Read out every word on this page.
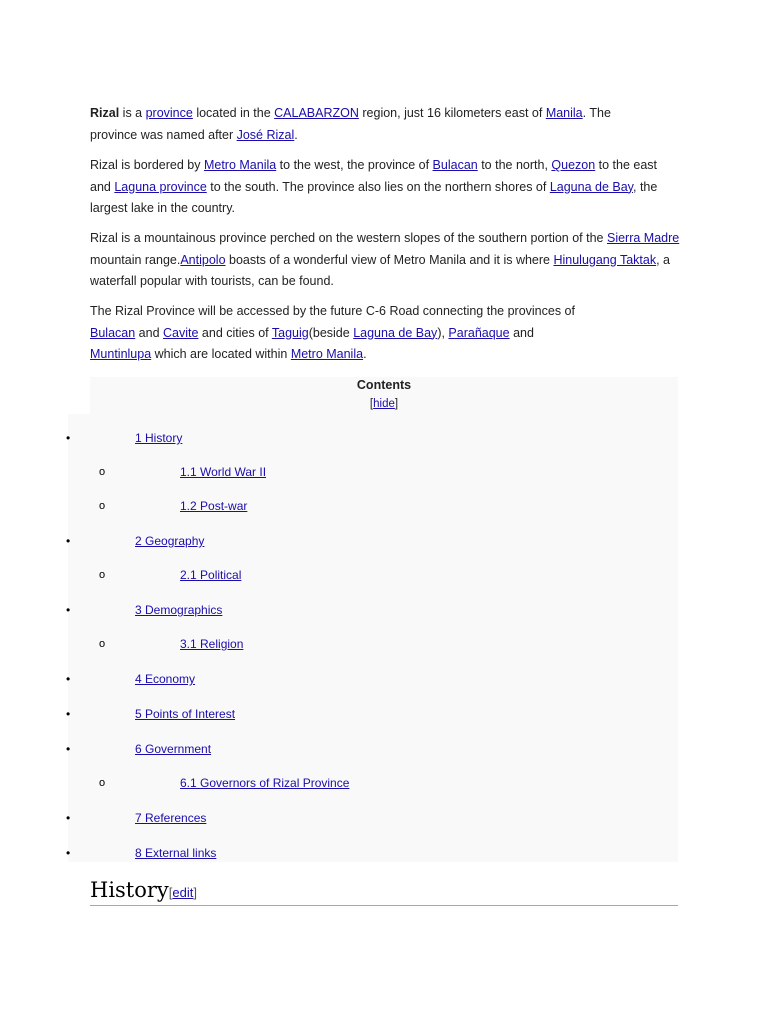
Rizal is a province located in the CALABARZON region, just 16 kilometers east of Manila. The province was named after José Rizal.

Rizal is bordered by Metro Manila to the west, the province of Bulacan to the north, Quezon to the east and Laguna province to the south. The province also lies on the northern shores of Laguna de Bay, the largest lake in the country.

Rizal is a mountainous province perched on the western slopes of the southern portion of the Sierra Madre mountain range.Antipolo boasts of a wonderful view of Metro Manila and it is where Hinulugang Taktak, a waterfall popular with tourists, can be found.

The Rizal Province will be accessed by the future C-6 Road connecting the provinces of Bulacan and Cavite and cities of Taguig(beside Laguna de Bay), Parañaque and Muntinlupa which are located within Metro Manila.

Contents
[hide]
•	1 History
o	1.1 World War II
o	1.2 Post-war
•	2 Geography
o	2.1 Political
•	3 Demographics
o	3.1 Religion
•	4 Economy
•	5 Points of Interest
•	6 Government
o	6.1 Governors of Rizal Province
•	7 References
•	8 External links
History[edit]
